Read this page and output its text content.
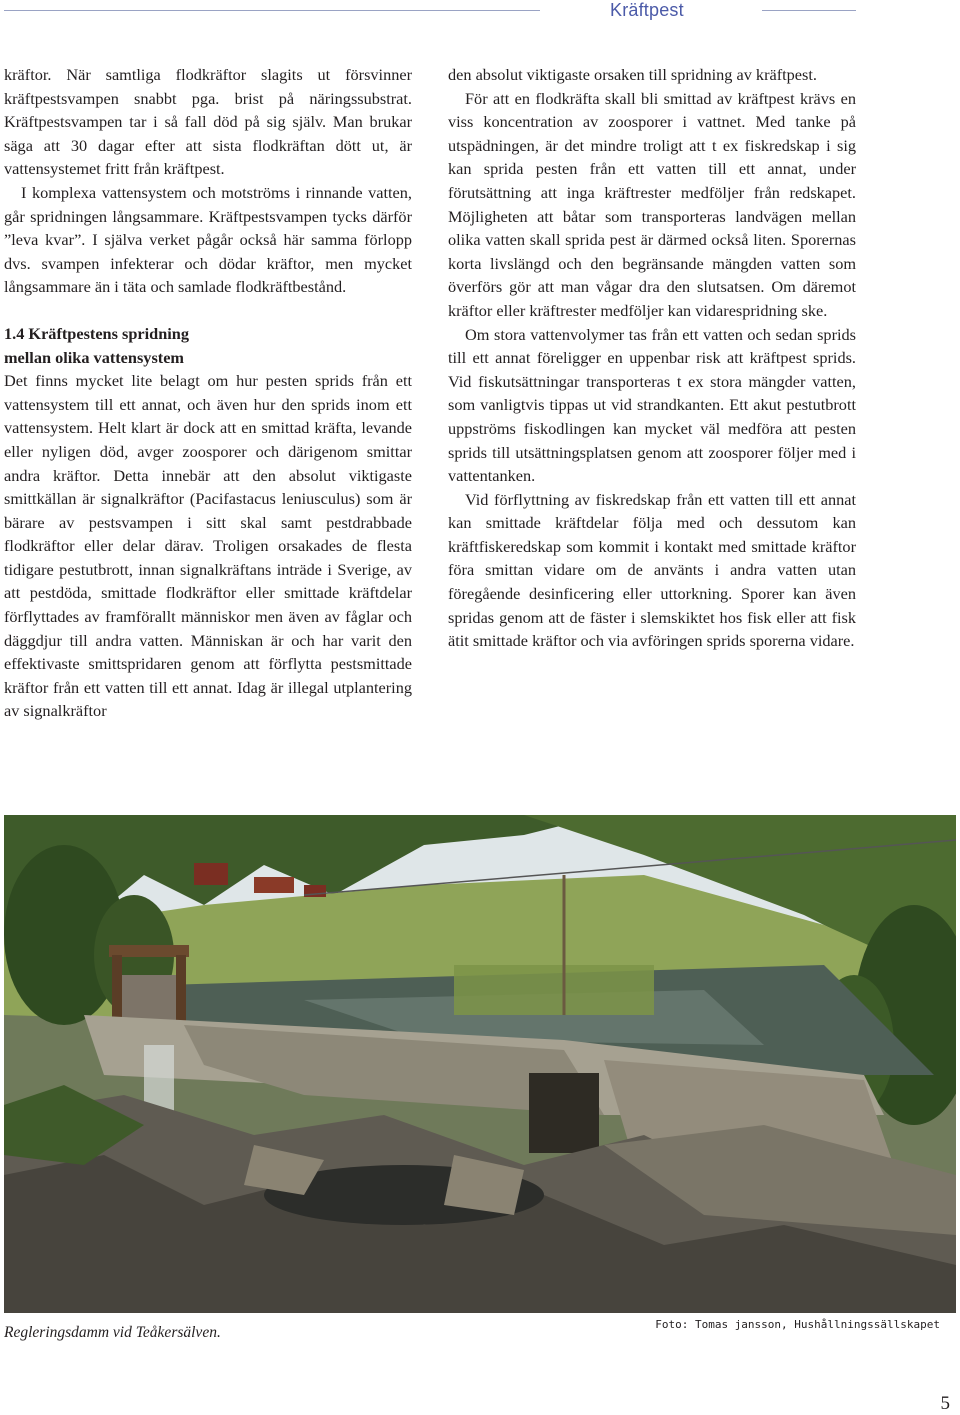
Kräftpest

kräftor. När samtliga flodkräftor slagits ut försvinner kräftpestsvampen snabbt pga. brist på näringssubstrat. Kräftpestsvampen tar i så fall död på sig själv. Man brukar säga att 30 dagar efter att sista flodkräftan dött ut, är vattensystemet fritt från kräftpest.

I komplexa vattensystem och motströms i rinnande vatten, går spridningen långsammare. Kräftpestsvampen tycks därför ”leva kvar”. I själva verket pågår också här samma förlopp dvs. svampen infekterar och dödar kräftor, men mycket långsammare än i täta och samlade flodkräftbestånd.

1.4 Kräftpestens spridning

mellan olika vattensystem

Det finns mycket lite belagt om hur pesten sprids från ett vattensystem till ett annat, och även hur den sprids inom ett vattensystem. Helt klart är dock att en smittad kräfta, levande eller nyligen död, avger zoosporer och därigenom smittar andra kräftor. Detta innebär att den absolut viktigaste smittkällan är signalkräftor (Pacifastacus leniusculus) som är bärare av pestsvampen i sitt skal samt pestdrabbade flodkräftor eller delar därav. Troligen orsakades de flesta tidigare pestutbrott, innan signalkräftans inträde i Sverige, av att pestdöda, smittade flodkräftor eller smittade kräftdelar förflyttades av framförallt människor men även av fåglar och däggdjur till andra vatten. Människan är och har varit den effektivaste smittspridaren genom att förflytta pestsmittade kräftor från ett vatten till ett annat. Idag är illegal utplantering av signalkräftor

den absolut viktigaste orsaken till spridning av kräftpest.

För att en flodkräfta skall bli smittad av kräftpest krävs en viss koncentration av zoosporer i vattnet. Med tanke på utspädningen, är det mindre troligt att t ex fiskredskap i sig kan sprida pesten från ett vatten till ett annat, under förutsättning att inga kräftrester medföljer från redskapet. Möjligheten att båtar som transporteras landvägen mellan olika vatten skall sprida pest är därmed också liten. Sporernas korta livslängd och den begränsande mängden vatten som överförs gör att man vågar dra den slutsatsen. Om däremot kräftor eller kräftrester medföljer kan vidarespridning ske.

Om stora vattenvolymer tas från ett vatten och sedan sprids till ett annat föreligger en uppenbar risk att kräftpest sprids. Vid fiskutsättningar transporteras t ex stora mängder vatten, som vanligtvis tippas ut vid strandkanten. Ett akut pestutbrott uppströms fiskodlingen kan mycket väl medföra att pesten sprids till utsättningsplatsen genom att zoosporer följer med i vattentanken.

Vid förflyttning av fiskredskap från ett vatten till ett annat kan smittade kräftdelar följa med och dessutom kan kräftfiskeredskap som kommit i kontakt med smittade kräftor föra smittan vidare om de använts i andra vatten utan föregående desinficering eller uttorkning. Sporer kan även spridas genom att de fäster i slemskiktet hos fisk eller att fisk ätit smittade kräftor och via avföringen sprids sporerna vidare.

Regleringsdamm vid Teåkersälven.	Foto: Tomas jansson, Hushållningssällskapet
5
